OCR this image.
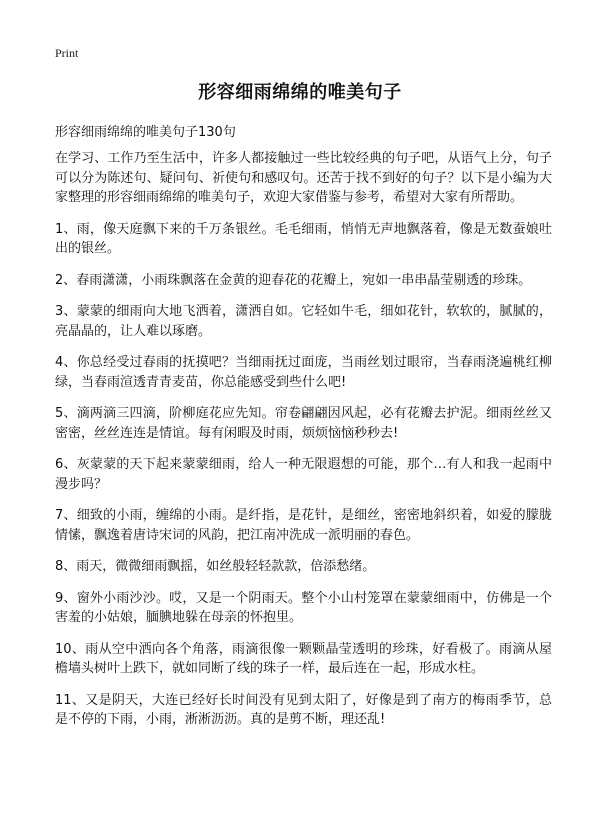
Print
形容细雨绵绵的唯美句子

形容细雨绵绵的唯美句子130句

在学习、工作乃至生活中，许多人都接触过一些比较经典的句子吧，从语气上分，句子可以分为陈述句、疑问句、祈使句和感叹句。还苦于找不到好的句子？以下是小编为大家整理的形容细雨绵绵的唯美句子，欢迎大家借鉴与参考，希望对大家有所帮助。

1、雨，像天庭飘下来的千万条银丝。毛毛细雨，悄悄无声地飘落着，像是无数蚕娘吐出的银丝。

2、春雨潇潇，小雨珠飘落在金黄的迎春花的花瓣上，宛如一串串晶莹剔透的珍珠。

3、蒙蒙的细雨向大地飞洒着，潇洒自如。它轻如牛毛，细如花针，软软的，腻腻的，亮晶晶的，让人难以琢磨。

4、你总经受过春雨的抚摸吧？当细雨抚过面庞，当雨丝划过眼帘，当春雨浇遍桃红柳绿，当春雨渲透青青麦苗，你总能感受到些什么吧!

5、滴两滴三四滴，阶柳庭花应先知。帘卷翩翩因风起，必有花瓣去护泥。细雨丝丝又密密，丝丝连连是情谊。每有闲暇及时雨，烦烦恼恼秒秒去!

6、灰蒙蒙的天下起来蒙蒙细雨，给人一种无限遐想的可能，那个…有人和我一起雨中漫步吗？

7、细致的小雨，缠绵的小雨。是纤指，是花针，是细丝，密密地斜织着，如爱的朦胧情愫，飘逸着唐诗宋词的风韵，把江南冲洗成一派明丽的春色。

8、雨天，微微细雨飘摇，如丝般轻轻款款，倍添愁绪。

9、窗外小雨沙沙。哎，又是一个阴雨天。整个小山村笼罩在蒙蒙细雨中，仿佛是一个害羞的小姑娘，腼腆地躲在母亲的怀抱里。

10、雨从空中洒向各个角落，雨滴很像一颗颗晶莹透明的珍珠，好看极了。雨滴从屋檐墙头树叶上跌下，就如同断了线的珠子一样，最后连在一起，形成水柱。

11、又是阴天，大连已经好长时间没有见到太阳了，好像是到了南方的梅雨季节，总是不停的下雨，小雨，淅淅沥沥。真的是剪不断，理还乱!
